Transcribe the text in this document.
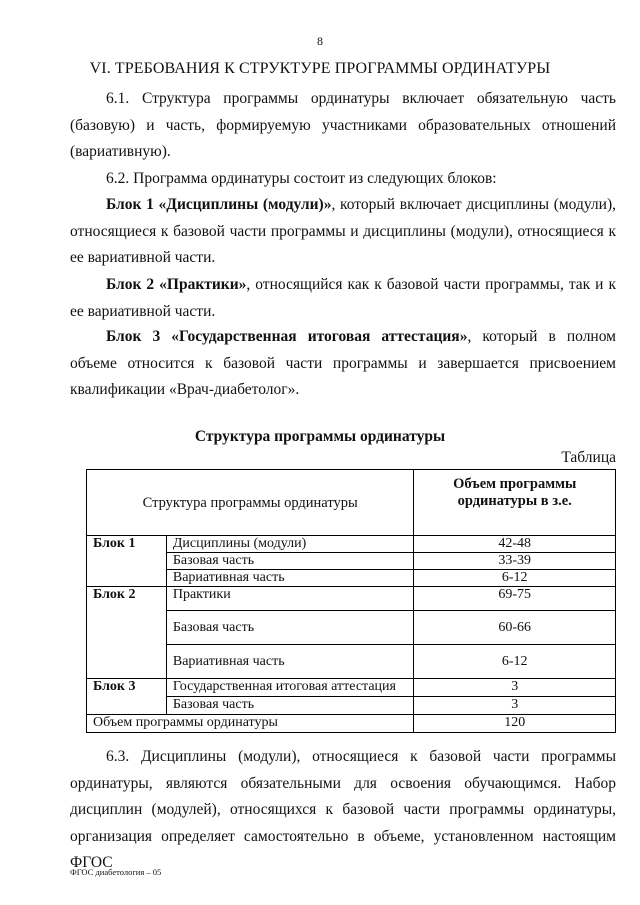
8
VI. ТРЕБОВАНИЯ К СТРУКТУРЕ ПРОГРАММЫ ОРДИНАТУРЫ
6.1. Структура программы ординатуры включает обязательную часть (базовую) и часть, формируемую участниками образовательных отношений (вариативную).
6.2. Программа ординатуры состоит из следующих блоков:
Блок 1 «Дисциплины (модули)», который включает дисциплины (модули), относящиеся к базовой части программы и дисциплины (модули), относящиеся к ее вариативной части.
Блок 2 «Практики», относящийся как к базовой части программы, так и к ее вариативной части.
Блок 3 «Государственная итоговая аттестация», который в полном объеме относится к базовой части программы и завершается присвоением квалификации «Врач-диабетолог».
Структура программы ординатуры
Таблица
Структура программы ординатуры		Объем программы ординатуры в з.е.
Блок 1	Дисциплины (модули)	42-48
	Базовая часть	33-39
	Вариативная часть	6-12
Блок 2	Практики	69-75
	Базовая часть	60-66
	Вариативная часть	6-12
Блок 3	Государственная итоговая аттестация	3
	Базовая часть	3
Объем программы ординатуры		120
6.3. Дисциплины (модули), относящиеся к базовой части программы ординатуры, являются обязательными для освоения обучающимся. Набор дисциплин (модулей), относящихся к базовой части программы ординатуры, организация определяет самостоятельно в объеме, установленном настоящим ФГОС
ФГОС диабетология – 05
